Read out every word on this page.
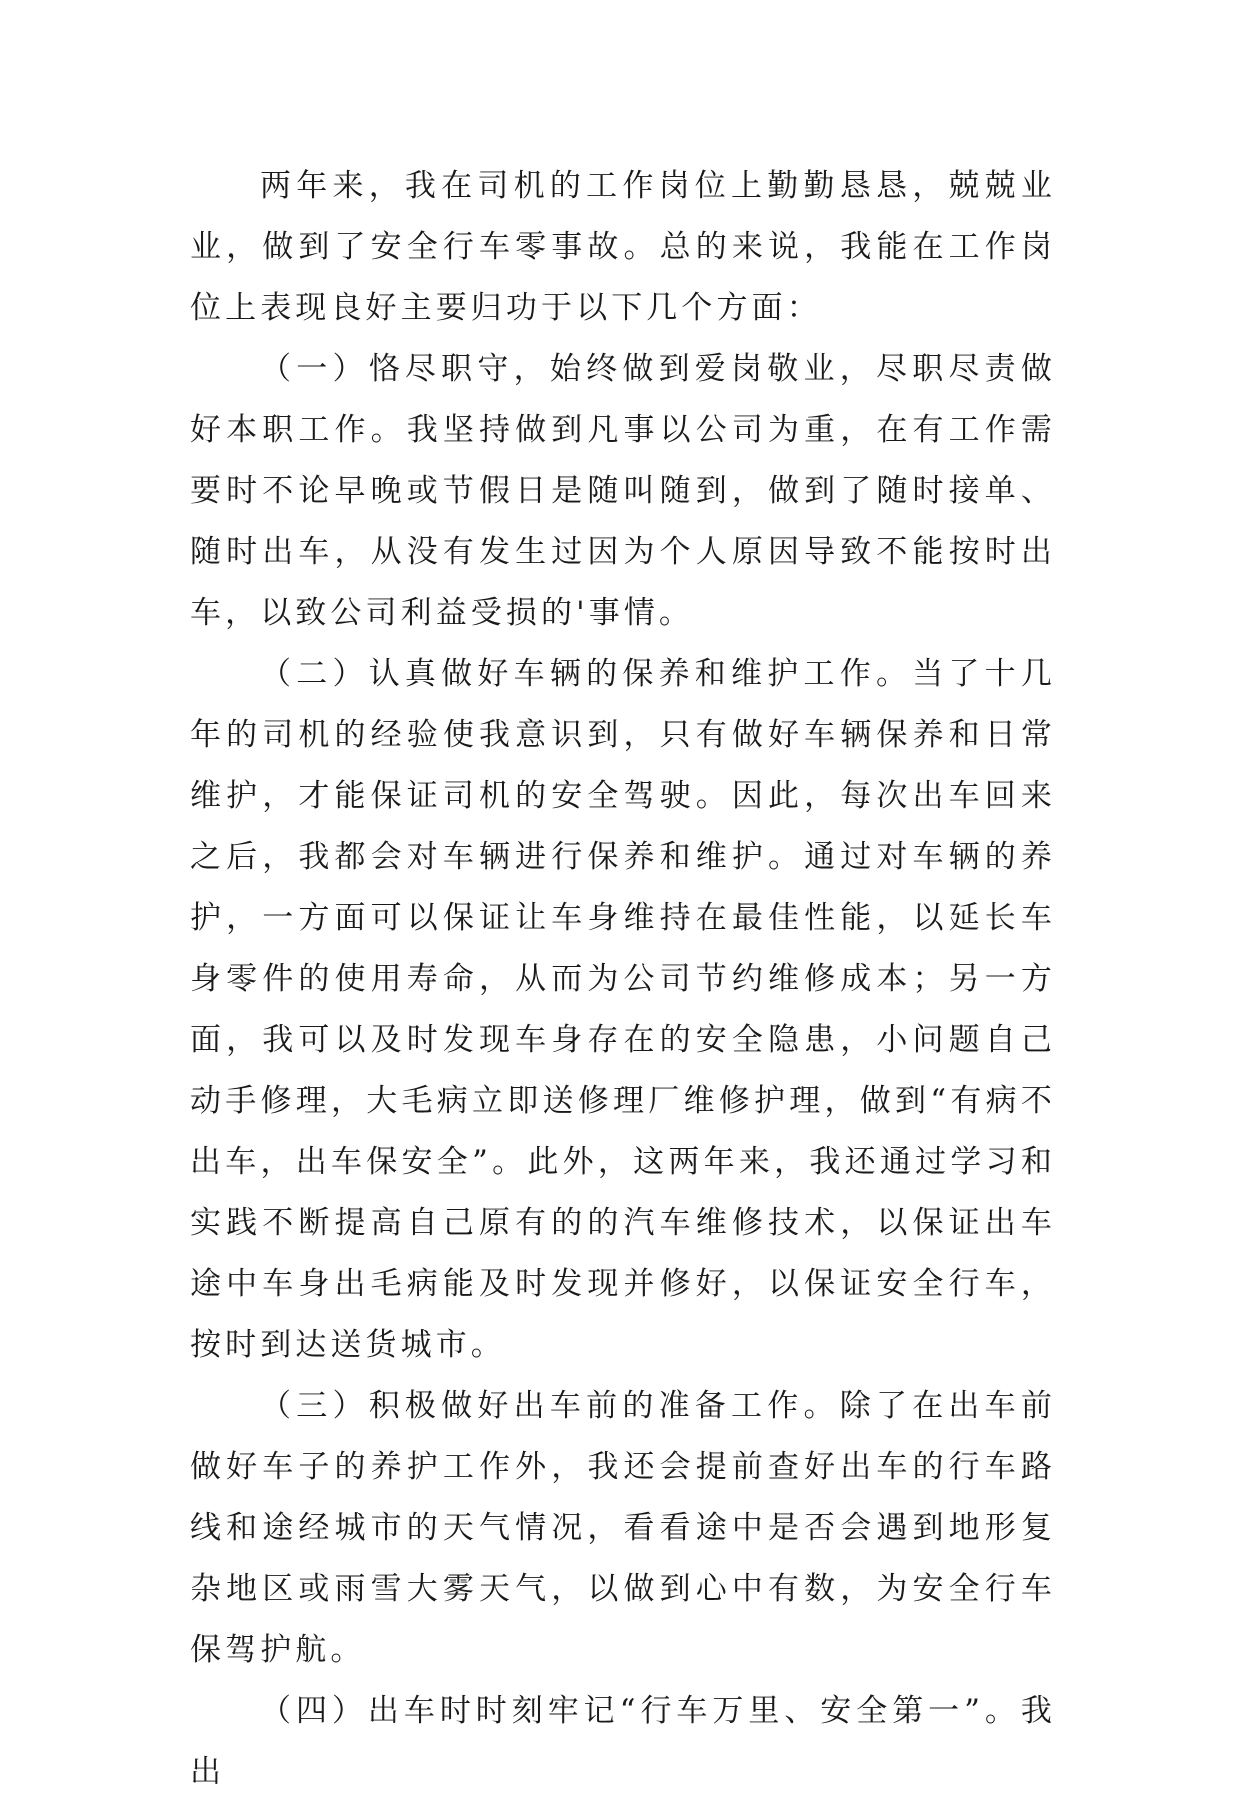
两年来，我在司机的工作岗位上勤勤恳恳，兢兢业业，做到了安全行车零事故。总的来说，我能在工作岗位上表现良好主要归功于以下几个方面：

（一）恪尽职守，始终做到爱岗敬业，尽职尽责做好本职工作。我坚持做到凡事以公司为重，在有工作需要时不论早晚或节假日是随叫随到，做到了随时接单、随时出车，从没有发生过因为个人原因导致不能按时出车，以致公司利益受损的'事情。

（二）认真做好车辆的保养和维护工作。当了十几年的司机的经验使我意识到，只有做好车辆保养和日常维护，才能保证司机的安全驾驶。因此，每次出车回来之后，我都会对车辆进行保养和维护。通过对车辆的养护，一方面可以保证让车身维持在最佳性能，以延长车身零件的使用寿命，从而为公司节约维修成本；另一方面，我可以及时发现车身存在的安全隐患，小问题自己动手修理，大毛病立即送修理厂维修护理，做到“有病不出车，出车保安全”。此外，这两年来，我还通过学习和实践不断提高自己原有的的汽车维修技术，以保证出车途中车身出毛病能及时发现并修好，以保证安全行车，按时到达送货城市。

（三）积极做好出车前的准备工作。除了在出车前做好车子的养护工作外，我还会提前查好出车的行车路线和途经城市的天气情况，看看途中是否会遇到地形复杂地区或雨雪大雾天气，以做到心中有数，为安全行车保驾护航。

（四）出车时时刻牢记“行车万里、安全第一”。我出
